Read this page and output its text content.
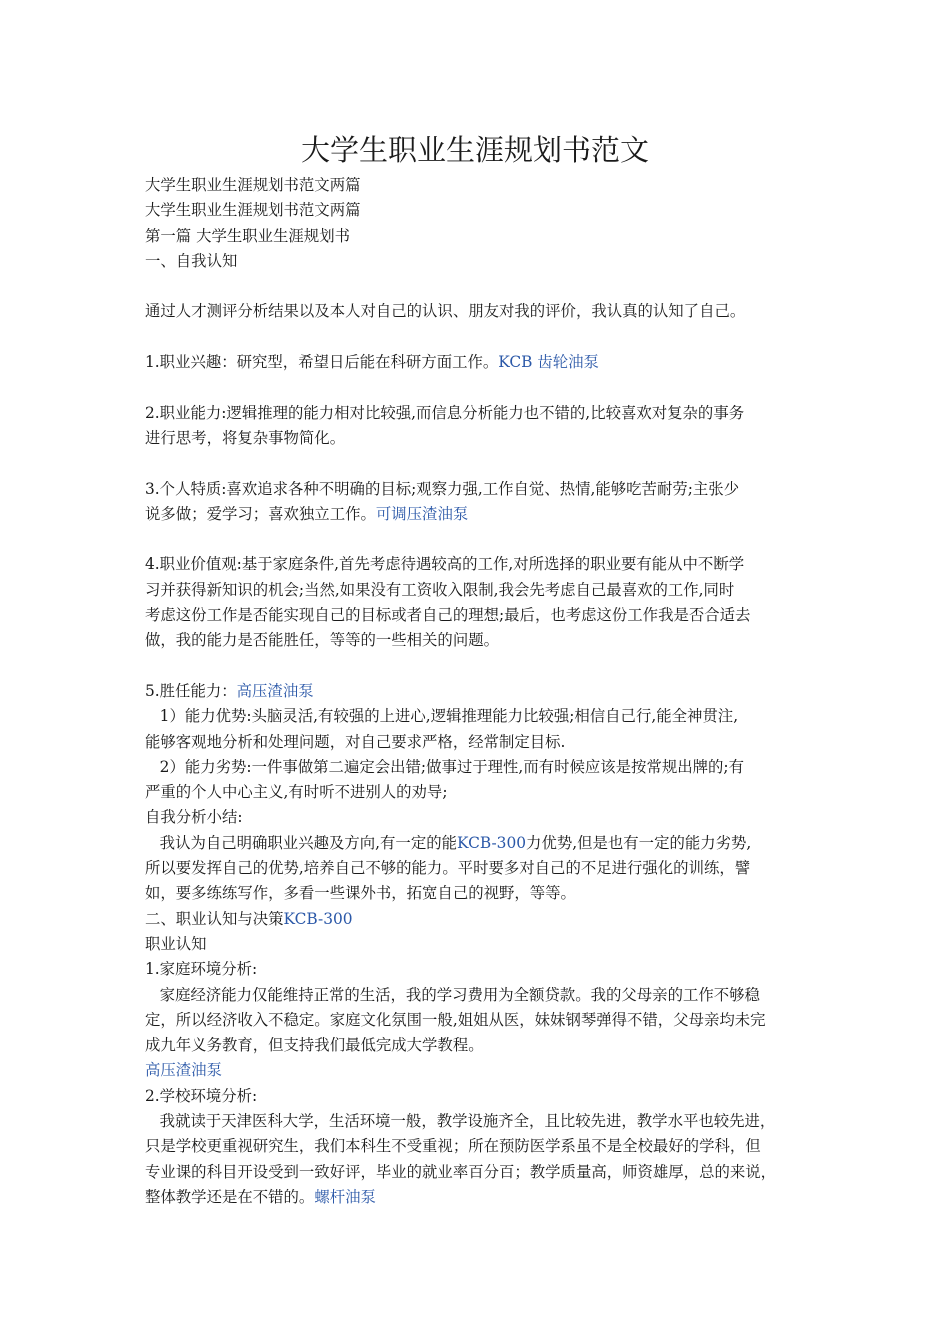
大学生职业生涯规划书范文
大学生职业生涯规划书范文两篇
大学生职业生涯规划书范文两篇
第一篇 大学生职业生涯规划书
一、自我认知
通过人才测评分析结果以及本人对自己的认识、朋友对我的评价，我认真的认知了自己。
1.职业兴趣：研究型，希望日后能在科研方面工作。KCB 齿轮油泵
2.职业能力:逻辑推理的能力相对比较强,而信息分析能力也不错的,比较喜欢对复杂的事务
进行思考，将复杂事物简化。
3.个人特质:喜欢追求各种不明确的目标;观察力强,工作自觉、热情,能够吃苦耐劳;主张少
说多做；爱学习；喜欢独立工作。可调压渣油泵
4.职业价值观:基于家庭条件,首先考虑待遇较高的工作,对所选择的职业要有能从中不断学
习并获得新知识的机会;当然,如果没有工资收入限制,我会先考虑自己最喜欢的工作,同时
考虑这份工作是否能实现自己的目标或者自己的理想;最后，也考虑这份工作我是否合适去
做，我的能力是否能胜任，等等的一些相关的问题。
5.胜任能力：高压渣油泵
1）能力优势:头脑灵活,有较强的上进心,逻辑推理能力比较强;相信自己行,能全神贯注,
能够客观地分析和处理问题，对自己要求严格，经常制定目标.
2）能力劣势:一件事做第二遍定会出错;做事过于理性,而有时候应该是按常规出牌的;有
严重的个人中心主义,有时听不进别人的劝导;
自我分析小结:
我认为自己明确职业兴趣及方向,有一定的能KCB-300力优势,但是也有一定的能力劣势,
所以要发挥自己的优势,培养自己不够的能力。平时要多对自己的不足进行强化的训练，譬
如，要多练练写作，多看一些课外书，拓宽自己的视野，等等。
二、职业认知与决策KCB-300
职业认知
1.家庭环境分析:
家庭经济能力仅能维持正常的生活，我的学习费用为全额贷款。我的父母亲的工作不够稳
定，所以经济收入不稳定。家庭文化氛围一般,姐姐从医，妹妹钢琴弹得不错，父母亲均未完
成九年义务教育，但支持我们最低完成大学教程。
高压渣油泵
2.学校环境分析:
我就读于天津医科大学，生活环境一般，教学设施齐全，且比较先进，教学水平也较先进，
只是学校更重视研究生，我们本科生不受重视；所在预防医学系虽不是全校最好的学科，但
专业课的科目开设受到一致好评，毕业的就业率百分百；教学质量高，师资雄厚，总的来说，
整体教学还是在不错的。螺杆油泵
